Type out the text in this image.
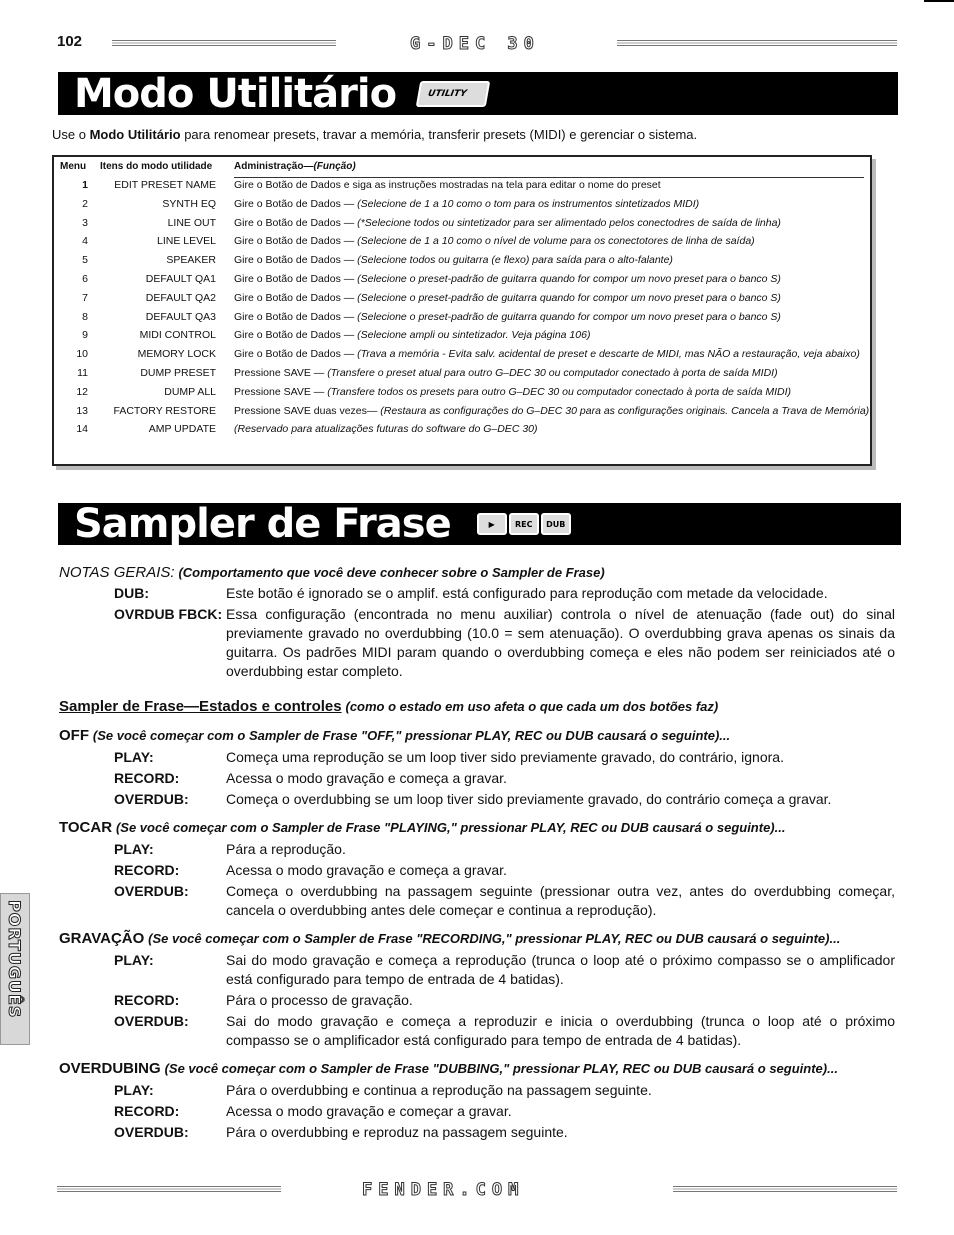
102	G-DEC 30
Modo Utilitário	UTILITY
Use o Modo Utilitário para renomear presets, travar a memória, transferir presets (MIDI) e gerenciar o sistema.
Menu Itens do modo utilidade Administração—(Função)
1	EDIT PRESET NAME Gire o Botão de Dados e siga as instruções mostradas na tela para editar o nome do preset
2	SYNTH EQ Gire o Botão de Dados — (Selecione de 1 a 10 como o tom para os instrumentos sintetizados MIDI)
3	LINE OUT Gire o Botão de Dados — (*Selecione todos ou sintetizador para ser alimentado pelos conectodres de saída de linha)
4	LINE LEVEL Gire o Botão de Dados — (Selecione de 1 a 10 como o nível de volume para os conectotores de linha de saída)
5	SPEAKER Gire o Botão de Dados — (Selecione todos ou guitarra (e flexo) para saída para o alto-falante)
6	DEFAULT QA1 Gire o Botão de Dados — (Selecione o preset-padrão de guitarra quando for compor um novo preset para o banco S)
7	DEFAULT QA2 Gire o Botão de Dados — (Selecione o preset-padrão de guitarra quando for compor um novo preset para o banco S)
8	DEFAULT QA3 Gire o Botão de Dados — (Selecione o preset-padrão de guitarra quando for compor um novo preset para o banco S)
9	MIDI CONTROL Gire o Botão de Dados — (Selecione ampli ou sintetizador. Veja página 106)
10	MEMORY LOCK Gire o Botão de Dados — (Trava a memória - Evita salv. acidental de preset e descarte de MIDI, mas NÃO a restauração, veja abaixo)
11	DUMP PRESET Pressione SAVE — (Transfere o preset atual para outro G–DEC 30 ou computador conectado à porta de saída MIDI)
12	DUMP ALL Pressione SAVE — (Transfere todos os presets para outro G–DEC 30 ou computador conectado à porta de saída MIDI)
13	FACTORY RESTORE Pressione SAVE duas vezes— (Restaura as configurações do G–DEC 30 para as configurações originais. Cancela a Trava de Memória)
14	AMP UPDATE (Reservado para atualizações futuras do software do G–DEC 30)
Sampler de Frase	▶	REC	DUB
NOTAS GERAIS: (Comportamento que você deve conhecer sobre o Sampler de Frase)
DUB:	Este botão é ignorado se o amplif. está configurado para reprodução com metade da velocidade.
OVRDUB FBCK: Essa configuração (encontrada no menu auxiliar) controla o nível de atenuação (fade out) do sinal previamente gravado no overdubbing (10.0 = sem atenuação). O overdubbing grava apenas os sinais da guitarra. Os padrões MIDI param quando o overdubbing começa e eles não podem ser reiniciados até o overdubbing estar completo.
Sampler de Frase—Estados e controles (como o estado em uso afeta o que cada um dos botões faz)
OFF (Se você começar com o Sampler de Frase "OFF," pressionar PLAY, REC ou DUB causará o seguinte)...
PLAY:	Começa uma reprodução se um loop tiver sido previamente gravado, do contrário, ignora.
RECORD:	Acessa o modo gravação e começa a gravar.
OVERDUB:	Começa o overdubbing se um loop tiver sido previamente gravado, do contrário começa a gravar.
TOCAR (Se você começar com o Sampler de Frase "PLAYING," pressionar PLAY, REC ou DUB causará o seguinte)...
PLAY:	Pára a reprodução.
RECORD:	Acessa o modo gravação e começa a gravar.
OVERDUB:	Começa o overdubbing na passagem seguinte (pressionar outra vez, antes do overdubbing começar, cancela o overdubbing antes dele começar e continua a reprodução).
GRAVAÇÃO (Se você começar com o Sampler de Frase "RECORDING," pressionar PLAY, REC ou DUB causará o seguinte)...
PLAY:	Sai do modo gravação e começa a reprodução (trunca o loop até o próximo compasso se o amplificador está configurado para tempo de entrada de 4 batidas).
RECORD:	Pára o processo de gravação.
OVERDUB:	Sai do modo gravação e começa a reproduzir e inicia o overdubbing (trunca o loop até o próximo compasso se o amplificador está configurado para tempo de entrada de 4 batidas).
OVERDUBING (Se você começar com o Sampler de Frase "DUBBING," pressionar PLAY, REC ou DUB causará o seguinte)...
PLAY:	Pára o overdubbing e continua a reprodução na passagem seguinte.
RECORD:	Acessa o modo gravação e começar a gravar.
OVERDUB:	Pára o overdubbing e reproduz na passagem seguinte.
PORTUGUÊS
FENDER.COM
